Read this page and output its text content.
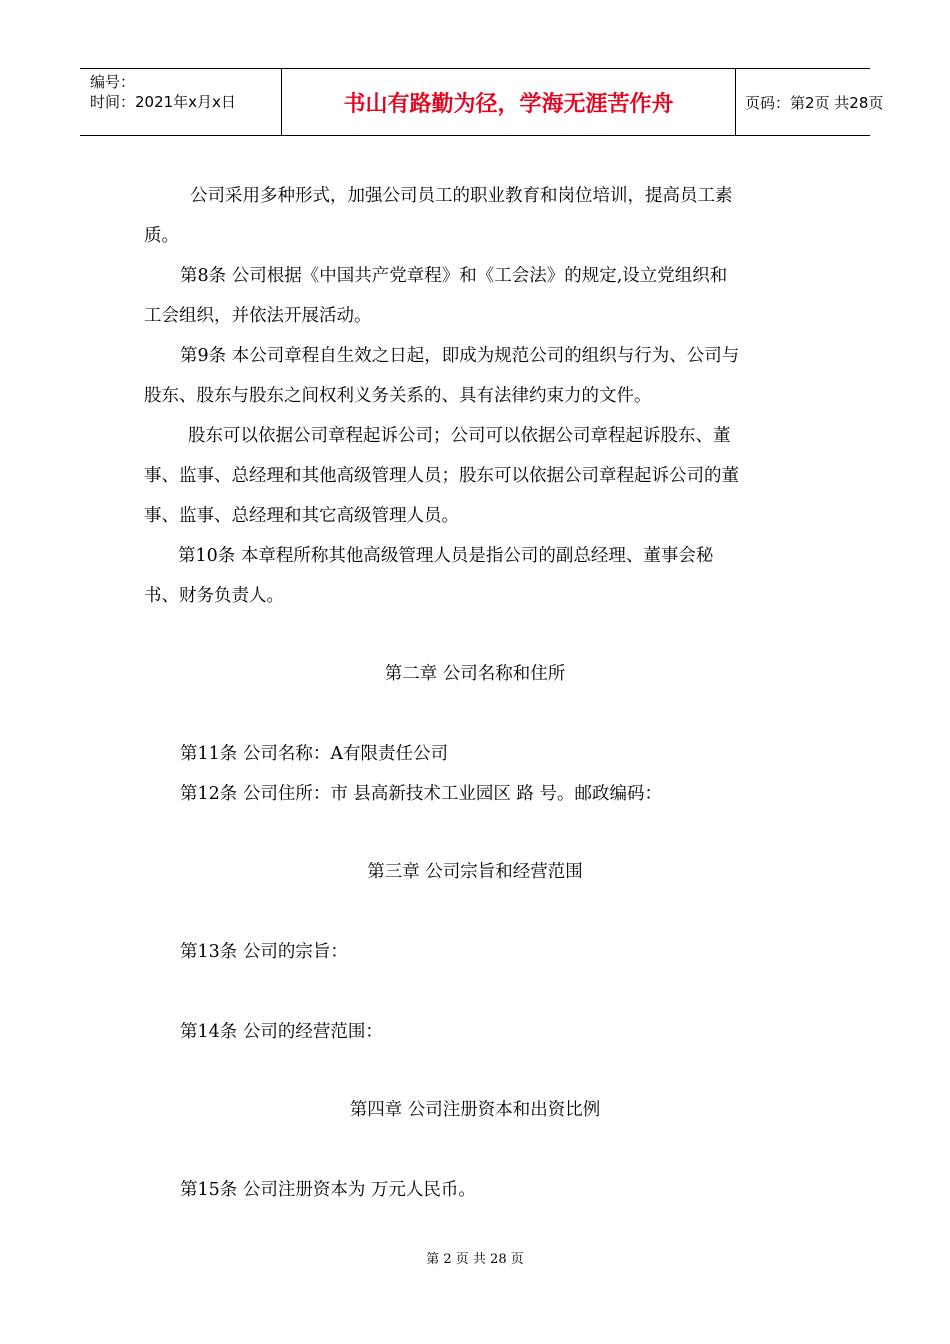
编号：
时间：2021年x月x日	书山有路勤为径，学海无涯苦作舟	页码：第2页 共28页
公司采用多种形式，加强公司员工的职业教育和岗位培训，提高员工素
质。
第8条 公司根据《中国共产党章程》和《工会法》的规定,设立党组织和
工会组织，并依法开展活动。
第9条 本公司章程自生效之日起，即成为规范公司的组织与行为、公司与
股东、股东与股东之间权利义务关系的、具有法律约束力的文件。
股东可以依据公司章程起诉公司；公司可以依据公司章程起诉股东、董
事、监事、总经理和其他高级管理人员；股东可以依据公司章程起诉公司的董
事、监事、总经理和其它高级管理人员。
第10条 本章程所称其他高级管理人员是指公司的副总经理、董事会秘
书、财务负责人。
第二章 公司名称和住所
第11条 公司名称：A有限责任公司
第12条 公司住所：市 县高新技术工业园区 路 号。邮政编码：
第三章 公司宗旨和经营范围
第13条 公司的宗旨：
第14条 公司的经营范围：
第四章 公司注册资本和出资比例
第15条 公司注册资本为 万元人民币。
第 2 页 共 28 页
